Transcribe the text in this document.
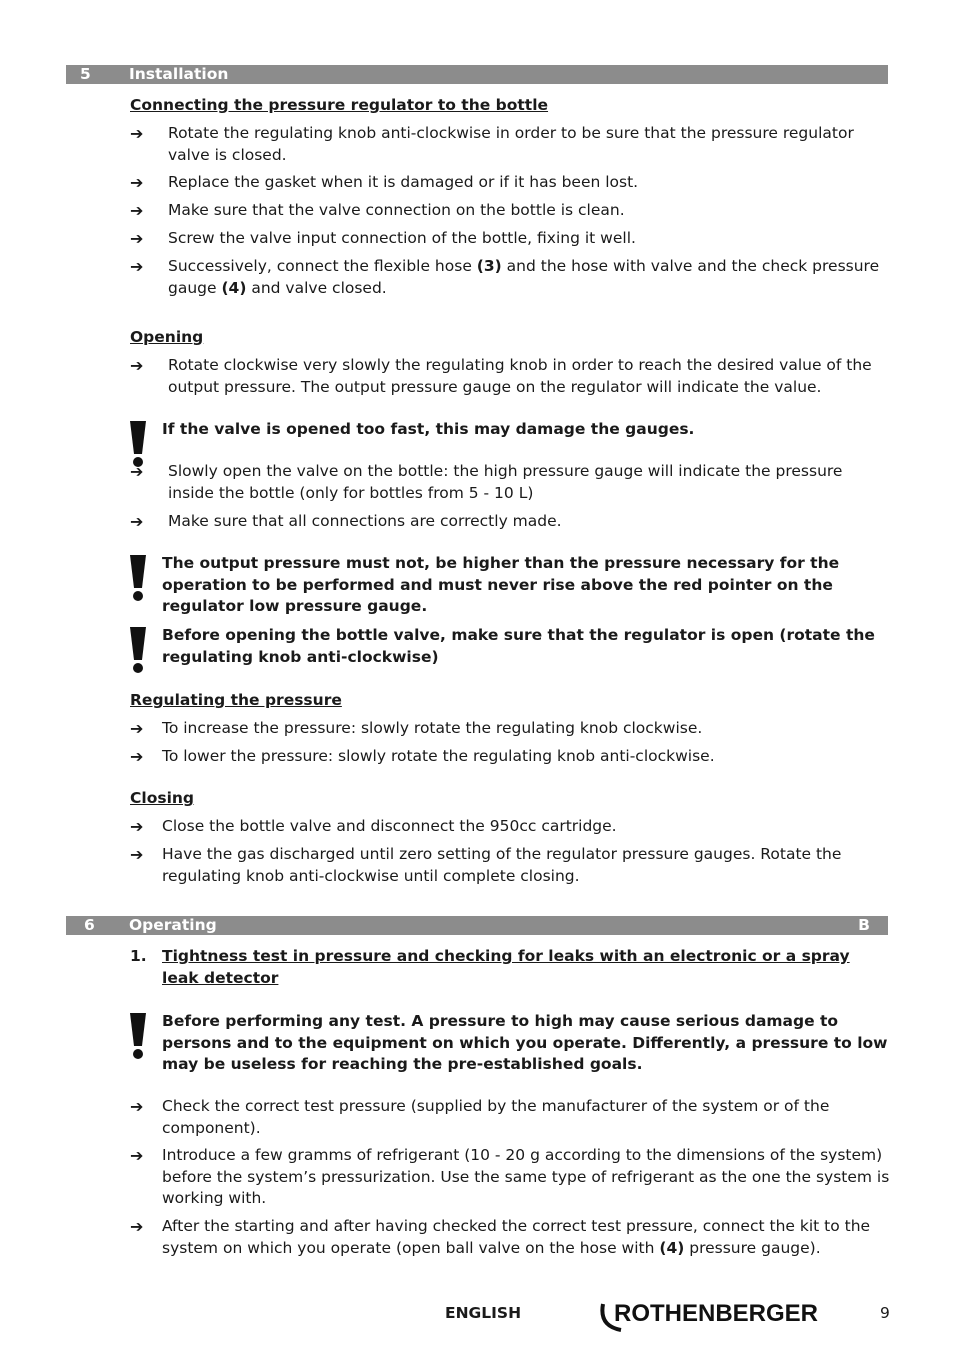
5 Installation
Connecting the pressure regulator to the bottle
➔ Rotate the regulating knob anti-clockwise in order to be sure that the pressure regulator valve is closed.
➔ Replace the gasket when it is damaged or if it has been lost.
➔ Make sure that the valve connection on the bottle is clean.
➔ Screw the valve input connection of the bottle, fixing it well.
➔ Successively, connect the flexible hose (3) and the hose with valve and the check pressure gauge (4) and valve closed.
Opening
➔ Rotate clockwise very slowly the regulating knob in order to reach the desired value of the output pressure. The output pressure gauge on the regulator will indicate the value.
If the valve is opened too fast, this may damage the gauges.
➔ Slowly open the valve on the bottle: the high pressure gauge will indicate the pressure inside the bottle (only for bottles from 5 - 10 L)
➔ Make sure that all connections are correctly made.
The output pressure must not, be higher than the pressure necessary for the operation to be performed and must never rise above the red pointer on the regulator low pressure gauge.
Before opening the bottle valve, make sure that the regulator is open (rotate the regulating knob anti-clockwise)
Regulating the pressure
➔ To increase the pressure: slowly rotate the regulating knob clockwise.
➔ To lower the pressure: slowly rotate the regulating knob anti-clockwise.
Closing
➔ Close the bottle valve and disconnect the 950cc cartridge.
➔ Have the gas discharged until zero setting of the regulator pressure gauges. Rotate the regulating knob anti-clockwise until complete closing.
6 Operating	B
1. Tightness test in pressure and checking for leaks with an electronic or a spray leak detector
Before performing any test. A pressure to high may cause serious damage to persons and to the equipment on which you operate. Differently, a pressure to low may be useless for reaching the pre-established goals.
➔ Check the correct test pressure (supplied by the manufacturer of the system or of the component).
➔ Introduce a few gramms of refrigerant (10 - 20 g according to the dimensions of the system) before the system’s pressurization. Use the same type of refrigerant as the one the system is working with.
➔ After the starting and after having checked the correct test pressure, connect the kit to the system on which you operate (open ball valve on the hose with (4) pressure gauge).
ENGLISH	ROTHENBERGER	9
